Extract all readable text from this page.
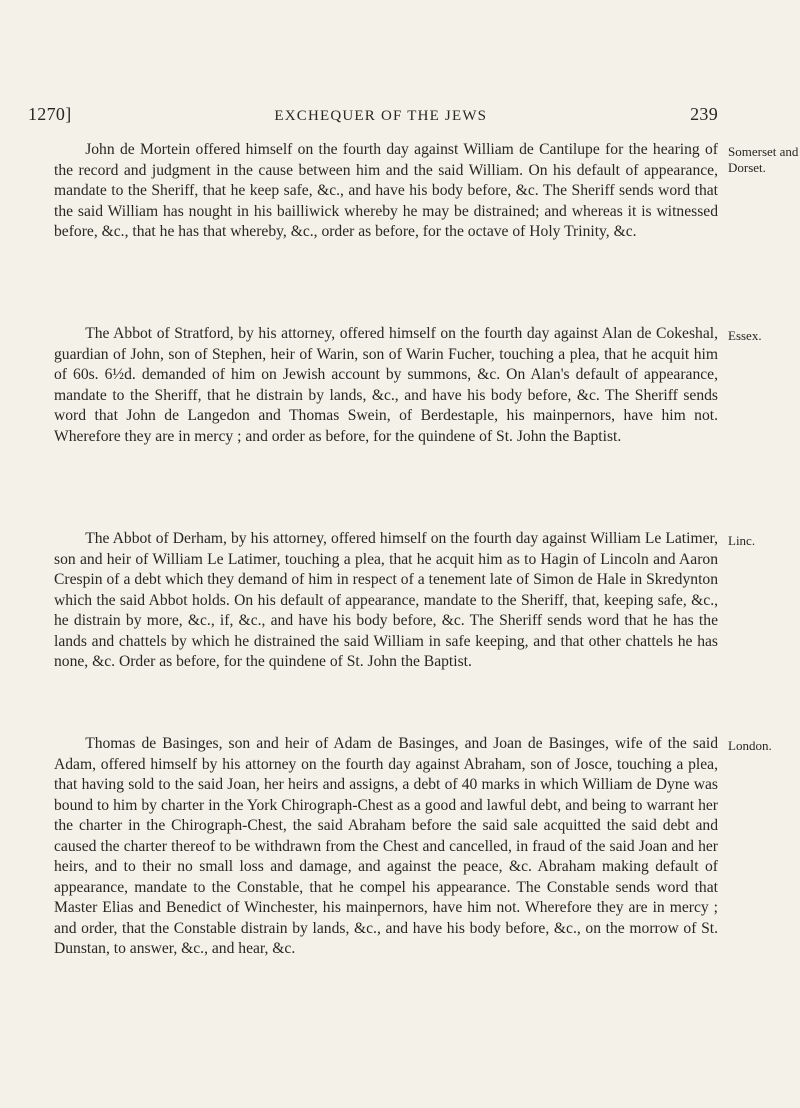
1270]	EXCHEQUER OF THE JEWS	239

John de Mortein offered himself on the fourth day against William de Cantilupe for the hearing of the record and judgment in the cause between him and the said William. On his default of appearance, mandate to the Sheriff, that he keep safe, &c., and have his body before, &c. The Sheriff sends word that the said William has nought in his bailliwick whereby he may be distrained; and whereas it is witnessed before, &c., that he has that whereby, &c., order as before, for the octave of Holy Trinity, &c.

Somerset and Dorset.

The Abbot of Stratford, by his attorney, offered himself on the fourth day against Alan de Cokeshal, guardian of John, son of Stephen, heir of Warin, son of Warin Fucher, touching a plea, that he acquit him of 60s. 6½d. demanded of him on Jewish account by summons, &c. On Alan's default of appearance, mandate to the Sheriff, that he distrain by lands, &c., and have his body before, &c. The Sheriff sends word that John de Langedon and Thomas Swein, of Berdestaple, his mainpernors, have him not. Wherefore they are in mercy ; and order as before, for the quindene of St. John the Baptist.

Essex.

The Abbot of Derham, by his attorney, offered himself on the fourth day against William Le Latimer, son and heir of William Le Latimer, touching a plea, that he acquit him as to Hagin of Lincoln and Aaron Crespin of a debt which they demand of him in respect of a tenement late of Simon de Hale in Skredynton which the said Abbot holds. On his default of appearance, mandate to the Sheriff, that, keeping safe, &c., he distrain by more, &c., if, &c., and have his body before, &c. The Sheriff sends word that he has the lands and chattels by which he distrained the said William in safe keeping, and that other chattels he has none, &c. Order as before, for the quindene of St. John the Baptist.

Linc.

Thomas de Basinges, son and heir of Adam de Basinges, and Joan de Basinges, wife of the said Adam, offered himself by his attorney on the fourth day against Abraham, son of Josce, touching a plea, that having sold to the said Joan, her heirs and assigns, a debt of 40 marks in which William de Dyne was bound to him by charter in the York Chirograph-Chest as a good and lawful debt, and being to warrant her the charter in the Chirograph-Chest, the said Abraham before the said sale acquitted the said debt and caused the charter thereof to be withdrawn from the Chest and cancelled, in fraud of the said Joan and her heirs, and to their no small loss and damage, and against the peace, &c. Abraham making default of appearance, mandate to the Constable, that he compel his appearance. The Constable sends word that Master Elias and Benedict of Winchester, his mainpernors, have him not. Wherefore they are in mercy ; and order, that the Constable distrain by lands, &c., and have his body before, &c., on the morrow of St. Dunstan, to answer, &c., and hear, &c.

London.
